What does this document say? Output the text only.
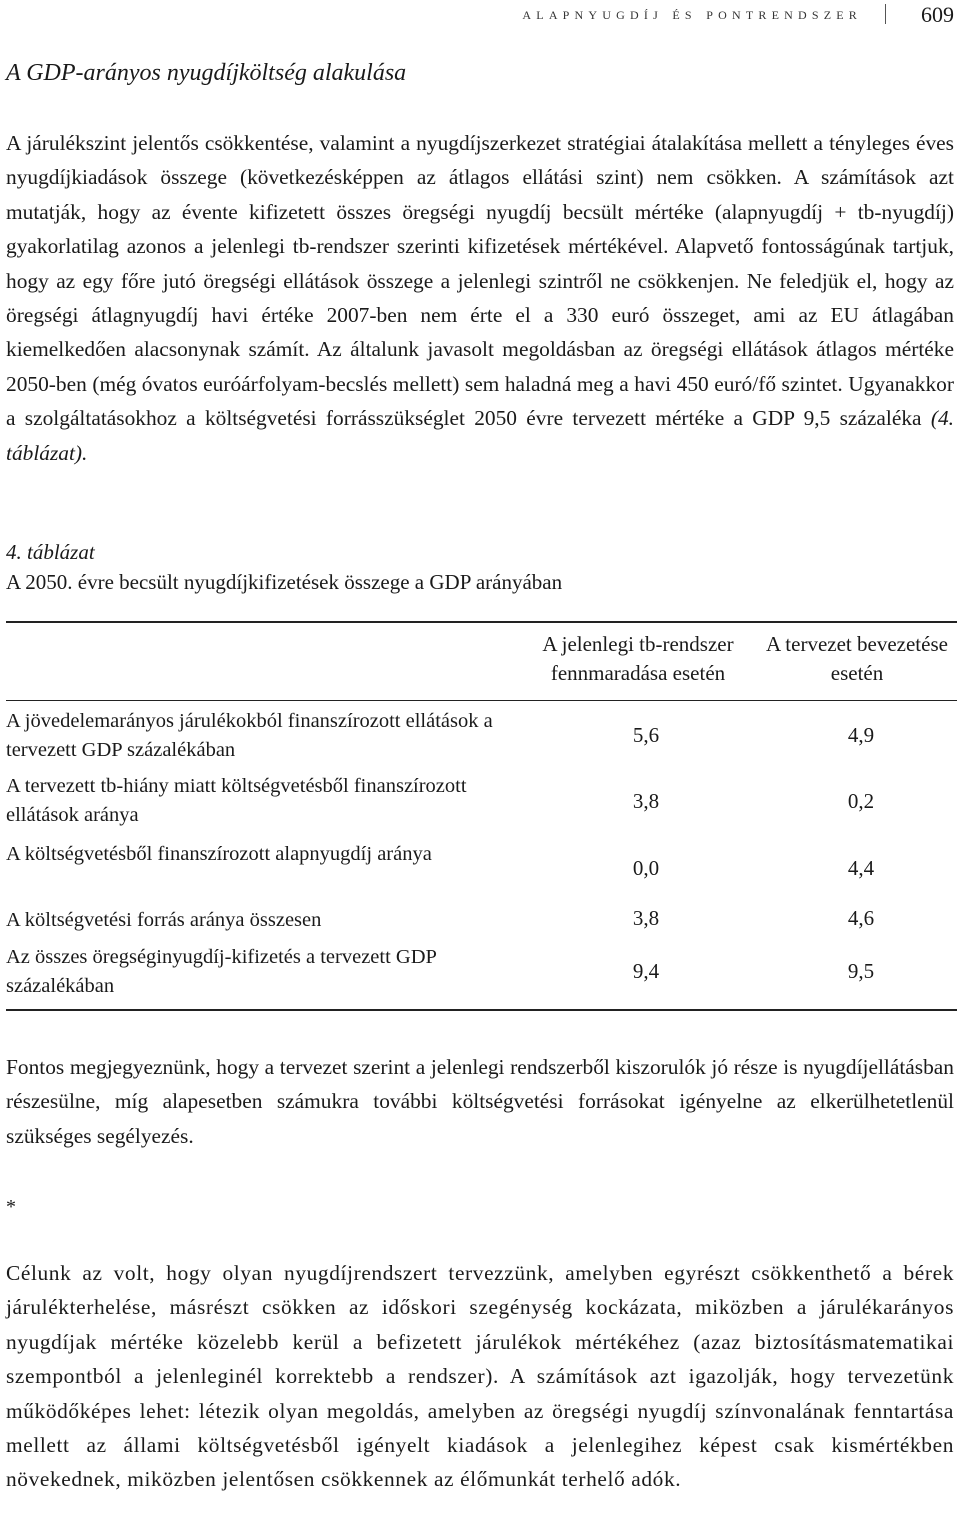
alapnyugdíj és pontrendszer	609
A GDP-arányos nyugdíjköltség alakulása
A járulékszint jelentős csökkentése, valamint a nyugdíjszerkezet stratégiai átalakítása mellett a tényleges éves nyugdíjkiadások összege (következésképpen az átlagos ellátási szint) nem csökken. A számítások azt mutatják, hogy az évente kifizetett összes öregségi nyugdíj becsült mértéke (alapnyugdíj + tb-nyugdíj) gyakorlatilag azonos a jelenlegi tb-rendszer szerinti kifizetések mértékével. Alapvető fontosságúnak tartjuk, hogy az egy főre jutó öregségi ellátások összege a jelenlegi szintről ne csökkenjen. Ne feledjük el, hogy az öregségi átlagnyugdíj havi értéke 2007-ben nem érte el a 330 euró összeget, ami az EU átlagában kiemelkedően alacsonynak számít. Az általunk javasolt megoldásban az öregségi ellátások átlagos mértéke 2050-ben (még óvatos euróárfolyam-becslés mellett) sem haladná meg a havi 450 euró/fő szintet. Ugyanakkor a szolgáltatásokhoz a költségvetési forrásszükséglet 2050 évre tervezett mértéke a GDP 9,5 százaléka (4. táblázat).
4. táblázat
A 2050. évre becsült nyugdíjkifizetések összege a GDP arányában
A jelenlegi tb-rendszer fennmaradása esetén
A tervezet bevezetése esetén
A jövedelemarányos járulékokból finanszírozott ellátások a tervezett GDP százalékában
5,6	4,9
A tervezett tb-hiány miatt költségvetésből finanszírozott ellátások aránya
3,8	0,2
A költségvetésből finanszírozott alapnyugdíj aránya
0,0	4,4
A költségvetési forrás aránya összesen	3,8	4,6
Az összes öregséginyugdíj-kifizetés a tervezett GDP százalékában
9,4	9,5
Fontos megjegyeznünk, hogy a tervezet szerint a jelenlegi rendszerből kiszorulók jó része is nyugdíjellátásban részesülne, míg alapesetben számukra további költségvetési forrásokat igényelne az elkerülhetetlenül szükséges segélyezés.
*
Célunk az volt, hogy olyan nyugdíjrendszert tervezzünk, amelyben egyrészt csökkenthető a bérek járulékterhelése, másrészt csökken az időskori szegénység kockázata, miközben a járulékarányos nyugdíjak mértéke közelebb kerül a befizetett járulékok mértékéhez (azaz biztosításmatematikai szempontból a jelenleginél korrektebb a rendszer). A számítások azt igazolják, hogy tervezetünk működőképes lehet: létezik olyan megoldás, amelyben az öregségi nyugdíj színvonalának fenntartása mellett az állami költségvetésből igényelt kiadások a jelenlegihez képest csak kismértékben növekednek, miközben jelentősen csökkennek az élőmunkát terhelő adók.
